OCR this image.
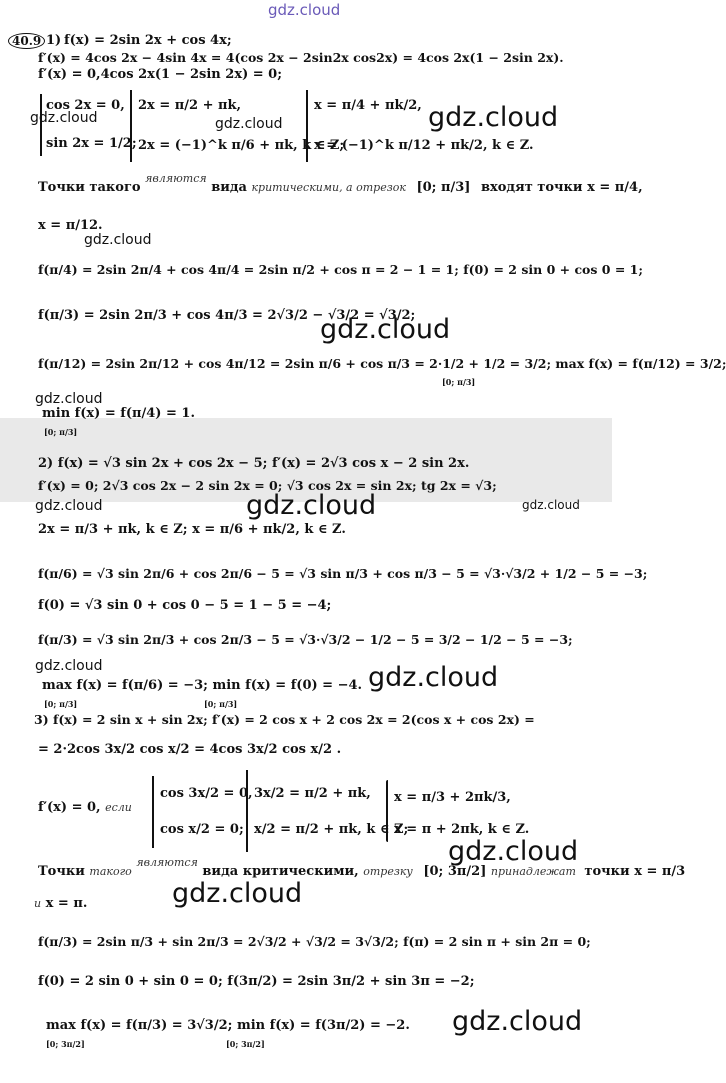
gdz.cloud
gdz.cloud
gdz.cloud	gdz.cloud
gdz.cloud
gdz.cloud
gdz.cloud
gdz.cloud
gdz.cloud	gdz.cloud
gdz.cloud	gdz.cloud
gdz.cloud
gdz.cloud
gdz.cloud
40.9 1) f(x) = 2sin 2x + cos 4x;
f′(x) = 4cos 2x − 4sin 4x = 4(cos 2x − 2sin2x cos2x) = 4cos 2x(1 − 2sin 2x).
f′(x) = 0,4cos 2x(1 − 2sin 2x) = 0;
cos 2x = 0,
sin 2x = 1/2;
2x = π/2 + πk,
2x = (−1)^k π/6 + πk, k ∈ Z;
x = π/4 + πk/2,
x = (−1)^k π/12 + πk/2, k ∈ Z.
Точки такого $^{являются}$ вида критическими, а отрезок [0; π/3] входят точки x = π/4,
x = π/12.
f(π/4) = 2sin 2π/4 + cos 4π/4 = 2sin π/2 + cos π = 2 − 1 = 1; f(0) = 2 sin 0 + cos 0 = 1;
f(π/3) = 2sin 2π/3 + cos 4π/3 = 2√3/2 − √3/2 = √3/2;
f(π/12) = 2sin 2π/12 + cos 4π/12 = 2sin π/6 + cos π/3 = 2·1/2 + 1/2 = 3/2; max f(x) = f(π/12) = 3/2;
[0; π/3]
min f(x) = f(π/4) = 1.
[0; π/3]
2) f(x) = √3 sin 2x + cos 2x − 5; f′(x) = 2√3 cos x − 2 sin 2x.
f′(x) = 0; 2√3 cos 2x − 2 sin 2x = 0; √3 cos 2x = sin 2x; tg 2x = √3;
2x = π/3 + πk, k ∈ Z; x = π/6 + πk/2, k ∈ Z.
f(π/6) = √3 sin 2π/6 + cos 2π/6 − 5 = √3 sin π/3 + cos π/3 − 5 = √3·√3/2 + 1/2 − 5 = −3;
f(0) = √3 sin 0 + cos 0 − 5 = 1 − 5 = −4;
f(π/3) = √3 sin 2π/3 + cos 2π/3 − 5 = √3·√3/2 − 1/2 − 5 = 3/2 − 1/2 − 5 = −3;
max f(x) = f(π/6) = −3; min f(x) = f(0) = −4.
[0; π/3]	[0; π/3]
3) f(x) = 2 sin x + sin 2x; f′(x) = 2 cos x + 2 cos 2x = 2(cos x + cos 2x) =
= 2·2cos 3x/2 cos x/2 = 4cos 3x/2 cos x/2 .
f′(x) = 0, если
cos 3x/2 = 0,
cos x/2 = 0;
3x/2 = π/2 + πk,
x/2 = π/2 + πk, k ∈ Z;
x = π/3 + 2πk/3,
x = π + 2πk, k ∈ Z.
Точки такого $^{являются}$ вида критическими, отрезку [0; 3π/2] принадлежат точки x = π/3
и x = π.
f(π/3) = 2sin π/3 + sin 2π/3 = 2√3/2 + √3/2 = 3√3/2; f(π) = 2 sin π + sin 2π = 0;
f(0) = 2 sin 0 + sin 0 = 0; f(3π/2) = 2sin 3π/2 + sin 3π = −2;
max f(x) = f(π/3) = 3√3/2; min f(x) = f(3π/2) = −2.
[0; 3π/2]	[0; 3π/2]
